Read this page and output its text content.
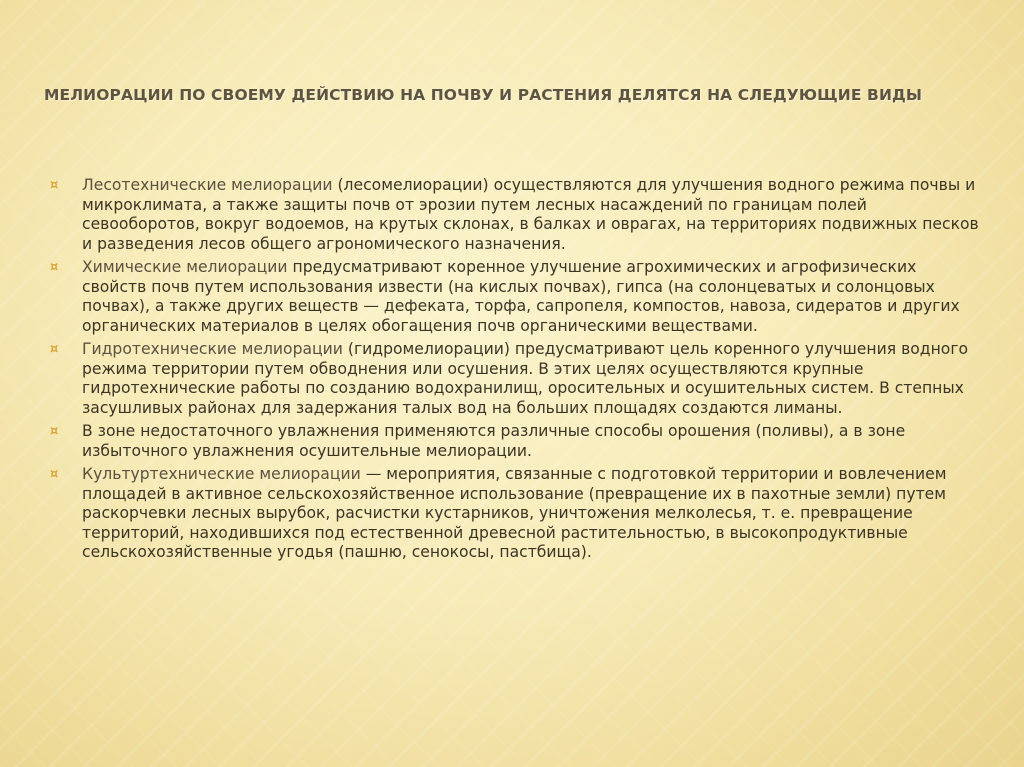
МЕЛИОРАЦИИ ПО СВОЕМУ ДЕЙСТВИЮ НА ПОЧВУ И РАСТЕНИЯ ДЕЛЯТСЯ НА СЛЕДУЮЩИЕ ВИДЫ
¤	Лесотехнические мелиорации (лесомелиорации) осуществляются для улучшения водного режима почвы и микроклимата, а также защиты почв от эрозии путем лесных насаждений по границам полей севооборотов, вокруг водоемов, на крутых склонах, в балках и оврагах, на территориях подвижных песков и разведения лесов общего агрономического назначения.
¤	Химические мелиорации предусматривают коренное улучшение агрохимических и агрофизических свойств почв путем использования извести (на кислых почвах), гипса (на солонцеватых и солонцовых почвах), а также других веществ — дефеката, торфа, сапропеля, компостов, навоза, сидератов и других органических материалов в целях обогащения почв органическими веществами.
¤	Гидротехнические мелиорации (гидромелиорации) предусматривают цель коренного улучшения водного режима территории путем обводнения или осушения. В этих целях осуществляются крупные гидротехнические работы по созданию водохранилищ, оросительных и осушительных систем. В степных засушливых районах для задержания талых вод на больших площадях создаются лиманы.
¤	В зоне недостаточного увлажнения применяются различные способы орошения (поливы), а в зоне избыточного увлажнения осушительные мелиорации.
¤	Культуртехнические мелиорации — мероприятия, связанные с подготовкой территории и вовлечением площадей в активное сельскохозяйственное использование (превращение их в пахотные земли) путем раскорчевки лесных вырубок, расчистки кустарников, уничтожения мелколесья, т. е. превращение территорий, находившихся под естественной древесной растительностью, в высокопродуктивные сельскохозяйственные угодья (пашню, сенокосы, пастбища).
